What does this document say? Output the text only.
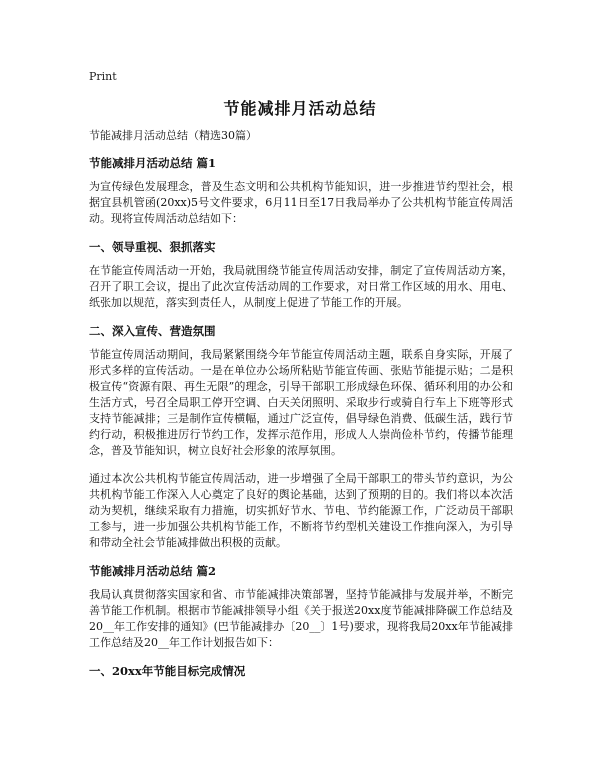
Print
节能减排月活动总结

节能减排月活动总结（精选30篇）

节能减排月活动总结 篇1

为宣传绿色发展理念，普及生态文明和公共机构节能知识，进一步推进节约型社会，根据宜县机管函(20xx)5号文件要求，6月11日至17日我局举办了公共机构节能宣传周活动。现将宣传周活动总结如下：

一、领导重视、狠抓落实

在节能宣传周活动一开始，我局就围绕节能宣传周活动安排，制定了宣传周活动方案，召开了职工会议，提出了此次宣传活动周的工作要求，对日常工作区域的用水、用电、纸张加以规范，落实到责任人，从制度上促进了节能工作的开展。

二、深入宣传、营造氛围

节能宣传周活动期间，我局紧紧围绕今年节能宣传周活动主题，联系自身实际，开展了形式多样的宣传活动。一是在单位办公场所粘贴节能宣传画、张贴节能提示贴；二是积极宣传“资源有限、再生无限”的理念，引导干部职工形成绿色环保、循环利用的办公和生活方式，号召全局职工停开空调、白天关闭照明、采取步行或骑自行车上下班等形式支持节能减排；三是制作宣传横幅，通过广泛宣传，倡导绿色消费、低碳生活，践行节约行动，积极推进厉行节约工作，发挥示范作用，形成人人崇尚俭朴节约，传播节能理念，普及节能知识，树立良好社会形象的浓厚氛围。

通过本次公共机构节能宣传周活动，进一步增强了全局干部职工的带头节约意识，为公共机构节能工作深入人心奠定了良好的舆论基础，达到了预期的目的。我们将以本次活动为契机，继续采取有力措施，切实抓好节水、节电、节约能源工作，广泛动员干部职工参与，进一步加强公共机构节能工作，不断将节约型机关建设工作推向深入，为引导和带动全社会节能减排做出积极的贡献。

节能减排月活动总结 篇2

我局认真贯彻落实国家和省、市节能减排决策部署，坚持节能减排与发展并举，不断完善节能工作机制。根据市节能减排领导小组《关于报送20xx度节能减排降碳工作总结及20__年工作安排的通知》(巴节能减排办〔20__〕1号)要求，现将我局20xx年节能减排工作总结及20__年工作计划报告如下：

一、20xx年节能目标完成情况
